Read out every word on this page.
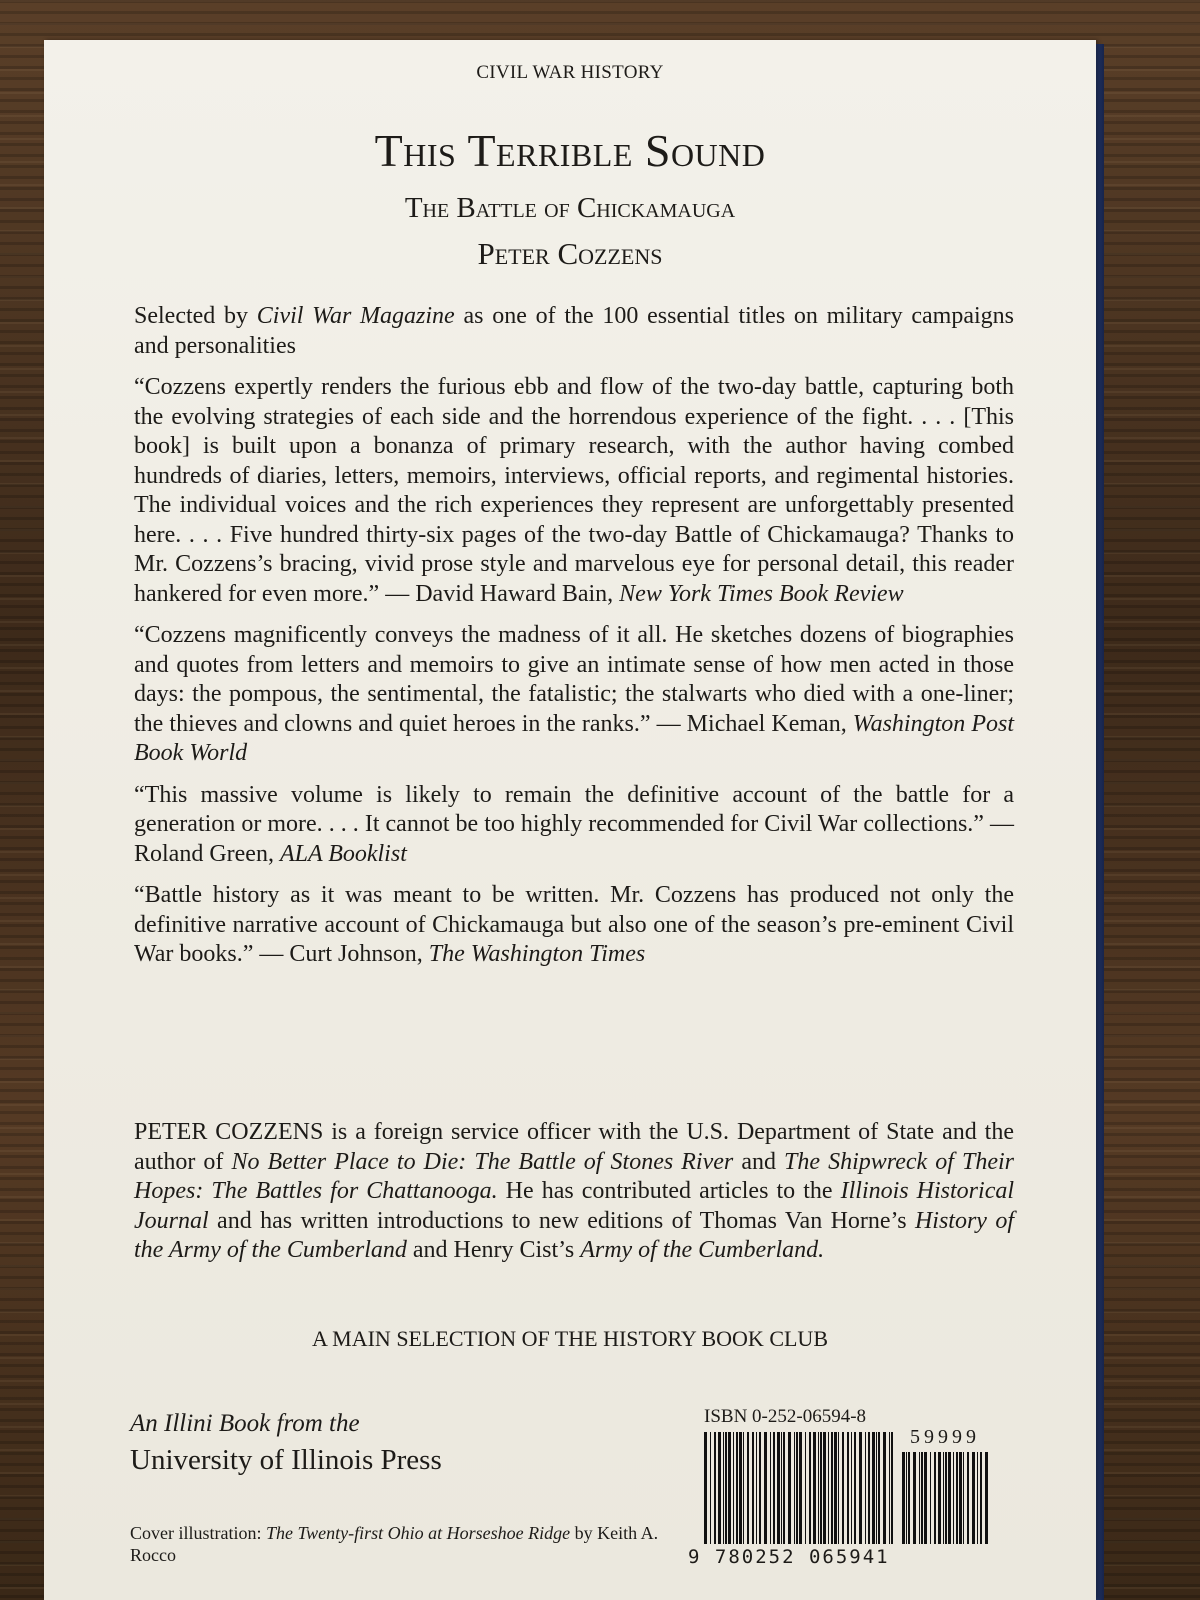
CIVIL WAR HISTORY
This Terrible Sound
The Battle of Chickamauga
Peter Cozzens

Selected by Civil War Magazine as one of the 100 essential titles on military campaigns and personalities

“Cozzens expertly renders the furious ebb and flow of the two-day battle, capturing both the evolving strategies of each side and the horrendous experience of the fight. . . . [This book] is built upon a bonanza of primary research, with the author having combed hundreds of diaries, letters, memoirs, interviews, official reports, and regimental histories. The individual voices and the rich experiences they represent are unforgettably presented here. . . . Five hundred thirty-six pages of the two-day Battle of Chickamauga? Thanks to Mr. Cozzens’s bracing, vivid prose style and marvelous eye for personal detail, this reader hankered for even more.” — David Haward Bain, New York Times Book Review

“Cozzens magnificently conveys the madness of it all. He sketches dozens of biographies and quotes from letters and memoirs to give an intimate sense of how men acted in those days: the pompous, the sentimental, the fatalistic; the stalwarts who died with a one-liner; the thieves and clowns and quiet heroes in the ranks.” — Michael Keman, Washington Post Book World

“This massive volume is likely to remain the definitive account of the battle for a generation or more. . . . It cannot be too highly recommended for Civil War collections.” — Roland Green, ALA Booklist

“Battle history as it was meant to be written. Mr. Cozzens has produced not only the definitive narrative account of Chickamauga but also one of the season’s pre-eminent Civil War books.” — Curt Johnson, The Washington Times

PETER COZZENS is a foreign service officer with the U.S. Department of State and the author of No Better Place to Die: The Battle of Stones River and The Shipwreck of Their Hopes: The Battles for Chattanooga. He has contributed articles to the Illinois Historical Journal and has written introductions to new editions of Thomas Van Horne’s History of the Army of the Cumberland and Henry Cist’s Army of the Cumberland.

A MAIN SELECTION OF THE HISTORY BOOK CLUB
An Illini Book from the
University of Illinois Press
Cover illustration: The Twenty-first Ohio at Horseshoe Ridge by Keith A. Rocco
ISBN 0-252-06594-8
59999
9 780252 065941
